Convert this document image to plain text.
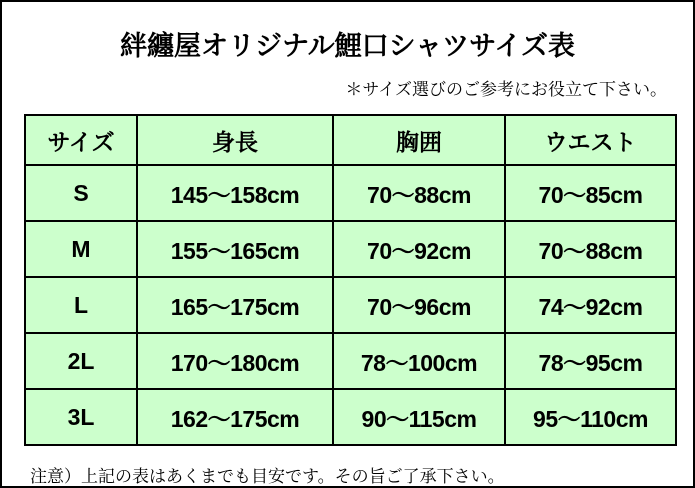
絆纏屋オリジナル鯉口シャツサイズ表
＊サイズ選びのご参考にお役立て下さい。
サイズ	身長	胸囲	ウエスト
S	145〜158cm	70〜88cm	70〜85cm
M	155〜165cm	70〜92cm	70〜88cm
L	165〜175cm	70〜96cm	74〜92cm
2L	170〜180cm	78〜100cm	78〜95cm
3L	162〜175cm	90〜115cm	95〜110cm
注意）上記の表はあくまでも目安です。その旨ご了承下さい。
